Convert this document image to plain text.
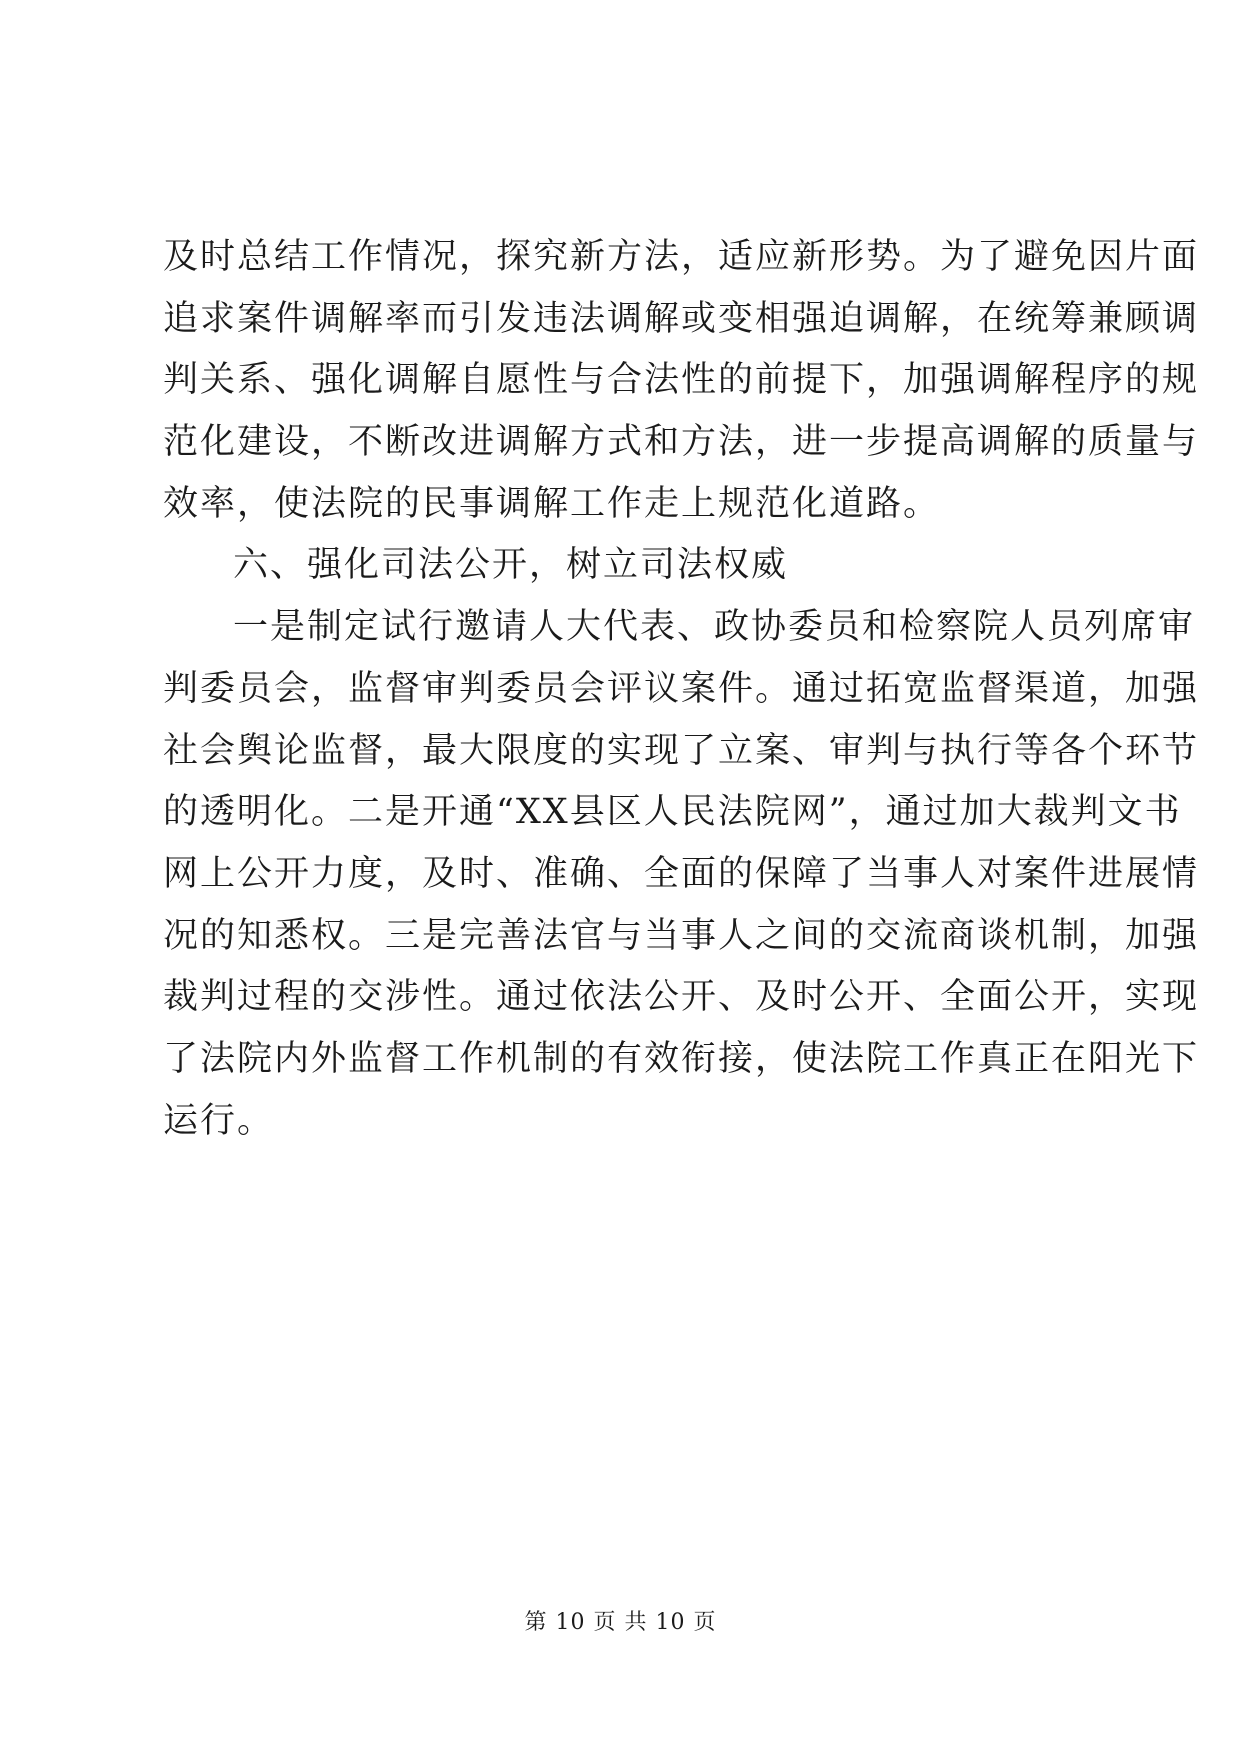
及时总结工作情况，探究新方法，适应新形势。为了避免因片面
追求案件调解率而引发违法调解或变相强迫调解，在统筹兼顾调
判关系、强化调解自愿性与合法性的前提下，加强调解程序的规
范化建设，不断改进调解方式和方法，进一步提高调解的质量与
效率，使法院的民事调解工作走上规范化道路。
六、强化司法公开，树立司法权威
一是制定试行邀请人大代表、政协委员和检察院人员列席审
判委员会，监督审判委员会评议案件。通过拓宽监督渠道，加强
社会舆论监督，最大限度的实现了立案、审判与执行等各个环节
的透明化。二是开通“XX县区人民法院网”，通过加大裁判文书
网上公开力度，及时、准确、全面的保障了当事人对案件进展情
况的知悉权。三是完善法官与当事人之间的交流商谈机制，加强
裁判过程的交涉性。通过依法公开、及时公开、全面公开，实现
了法院内外监督工作机制的有效衔接，使法院工作真正在阳光下
运行。
第 10 页 共 10 页
